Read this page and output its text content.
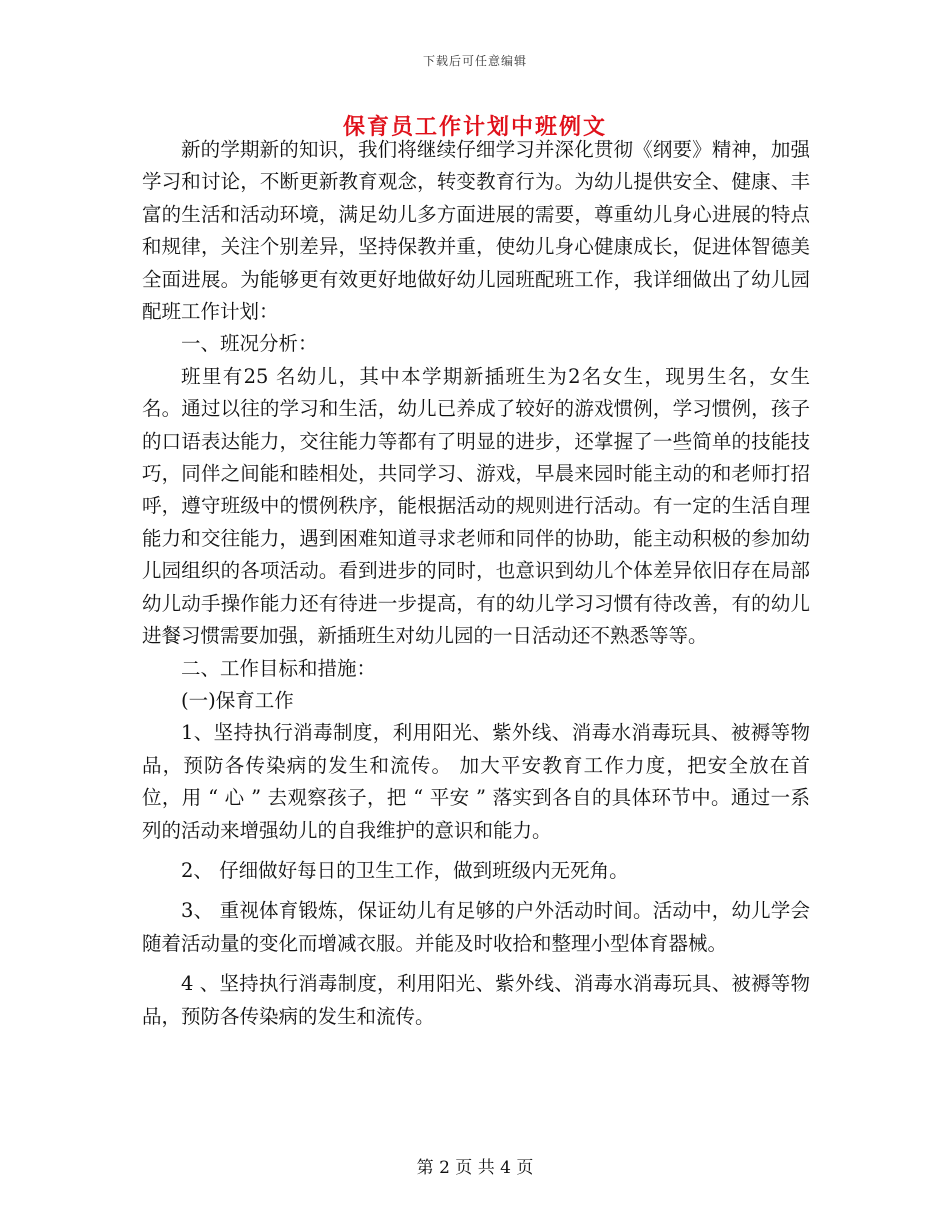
下载后可任意编辑
保育员工作计划中班例文

新的学期新的知识，我们将继续仔细学习并深化贯彻《纲要》精神，加强学习和讨论，不断更新教育观念，转变教育行为。为幼儿提供安全、健康、丰富的生活和活动环境，满足幼儿多方面进展的需要，尊重幼儿身心进展的特点和规律，关注个别差异，坚持保教并重，使幼儿身心健康成长，促进体智德美全面进展。为能够更有效更好地做好幼儿园班配班工作，我详细做出了幼儿园配班工作计划：

一、班况分析：

班里有25 名幼儿，其中本学期新插班生为2名女生，现男生名，女生 名。通过以往的学习和生活，幼儿已养成了较好的游戏惯例，学习惯例，孩子的口语表达能力，交往能力等都有了明显的进步，还掌握了一些简单的技能技巧，同伴之间能和睦相处，共同学习、游戏，早晨来园时能主动的和老师打招呼，遵守班级中的惯例秩序，能根据活动的规则进行活动。有一定的生活自理能力和交往能力，遇到困难知道寻求老师和同伴的协助，能主动积极的参加幼儿园组织的各项活动。看到进步的同时，也意识到幼儿个体差异依旧存在局部幼儿动手操作能力还有待进一步提高，有的幼儿学习习惯有待改善，有的幼儿进餐习惯需要加强，新插班生对幼儿园的一日活动还不熟悉等等。

二、工作目标和措施：

(一)保育工作

1、坚持执行消毒制度，利用阳光、紫外线、消毒水消毒玩具、被褥等物品，预防各传染病的发生和流传。 加大平安教育工作力度，把安全放在首位，用 “ 心 ” 去观察孩子，把 “ 平安 ” 落实到各自的具体环节中。通过一系列的活动来增强幼儿的自我维护的意识和能力。

2、 仔细做好每日的卫生工作，做到班级内无死角。

3、 重视体育锻炼，保证幼儿有足够的户外活动时间。活动中，幼儿学会随着活动量的变化而增减衣服。并能及时收拾和整理小型体育器械。

4 、坚持执行消毒制度，利用阳光、紫外线、消毒水消毒玩具、被褥等物品，预防各传染病的发生和流传。

第 2 页 共 4 页
